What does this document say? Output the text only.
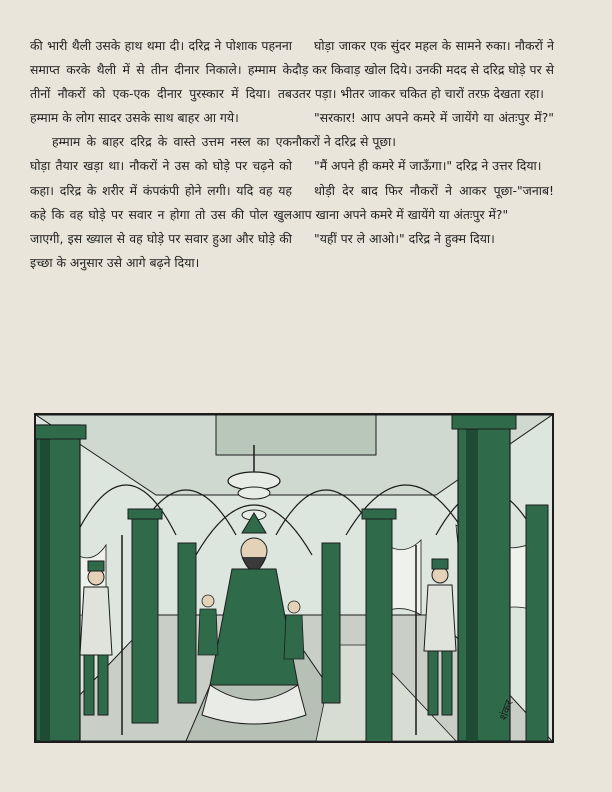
की भारी थैली उसके हाथ थमा दी। दरिद्र ने पोशाक पहनना समाप्त करके थैली में से तीन दीनार निकाले। हम्माम के तीनों नौकरों को एक-एक दीनार पुरस्कार में दिया। तब हम्माम के लोग सादर उसके साथ बाहर आ गये।

हम्माम के बाहर दरिद्र के वास्ते उत्तम नस्ल का एक घोड़ा तैयार खड़ा था। नौकरों ने उस को घोड़े पर चढ़ने को कहा। दरिद्र के शरीर में कंपकंपी होने लगी। यदि वह यह कहे कि वह घोड़े पर सवार न होगा तो उस की पोल खुल जाएगी, इस ख्याल से वह घोड़े पर सवार हुआ और घोड़े की इच्छा के अनुसार उसे आगे बढ़ने दिया।

घोड़ा जाकर एक सुंदर महल के सामने रुका। नौकरों ने दौड़ कर किवाड़ खोल दिये। उनकी मदद से दरिद्र घोड़े पर से उतर पड़ा। भीतर जाकर चकित हो चारों तरफ़ देखता रहा।

"सरकार! आप अपने कमरे में जायेंगे या अंतःपुर में?" नौकरों ने दरिद्र से पूछा।

"मैं अपने ही कमरे में जाऊँगा।" दरिद्र ने उत्तर दिया।

थोड़ी देर बाद फिर नौकरों ने आकर पूछा-"जनाब! आप खाना अपने कमरे में खायेंगे या अंतःपुर में?"

"यहीं पर ले आओ।" दरिद्र ने हुक्म दिया।

शंकर
